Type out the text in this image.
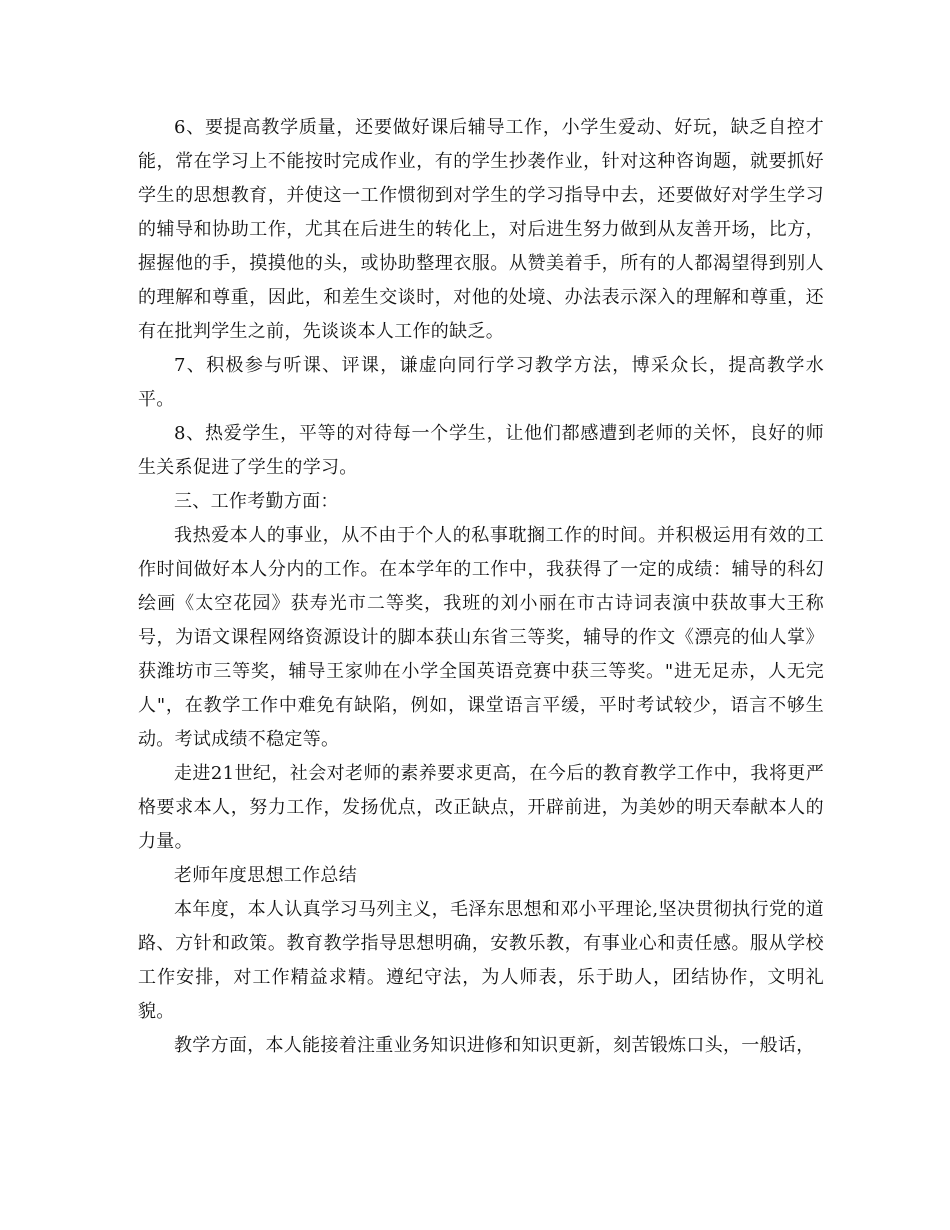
6、要提高教学质量，还要做好课后辅导工作，小学生爱动、好玩，缺乏自控才能，常在学习上不能按时完成作业，有的学生抄袭作业，针对这种咨询题，就要抓好学生的思想教育，并使这一工作惯彻到对学生的学习指导中去，还要做好对学生学习的辅导和协助工作，尤其在后进生的转化上，对后进生努力做到从友善开场，比方，握握他的手，摸摸他的头，或协助整理衣服。从赞美着手，所有的人都渴望得到别人的理解和尊重，因此，和差生交谈时，对他的处境、办法表示深入的理解和尊重，还有在批判学生之前，先谈谈本人工作的缺乏。

7、积极参与听课、评课，谦虚向同行学习教学方法，博采众长，提高教学水平。

8、热爱学生，平等的对待每一个学生，让他们都感遭到老师的关怀，良好的师生关系促进了学生的学习。

三、工作考勤方面：

我热爱本人的事业，从不由于个人的私事耽搁工作的时间。并积极运用有效的工作时间做好本人分内的工作。在本学年的工作中，我获得了一定的成绩：辅导的科幻绘画《太空花园》获寿光市二等奖，我班的刘小丽在市古诗词表演中获故事大王称号，为语文课程网络资源设计的脚本获山东省三等奖，辅导的作文《漂亮的仙人掌》获潍坊市三等奖，辅导王家帅在小学全国英语竞赛中获三等奖。"进无足赤，人无完人"，在教学工作中难免有缺陷，例如，课堂语言平缓，平时考试较少，语言不够生动。考试成绩不稳定等。

走进21世纪，社会对老师的素养要求更高，在今后的教育教学工作中，我将更严格要求本人，努力工作，发扬优点，改正缺点，开辟前进，为美妙的明天奉献本人的力量。

老师年度思想工作总结

本年度，本人认真学习马列主义，毛泽东思想和邓小平理论,坚决贯彻执行党的道路、方针和政策。教育教学指导思想明确，安教乐教，有事业心和责任感。服从学校工作安排，对工作精益求精。遵纪守法，为人师表，乐于助人，团结协作，文明礼貌。

教学方面，本人能接着注重业务知识进修和知识更新，刻苦锻炼口头，一般话，
